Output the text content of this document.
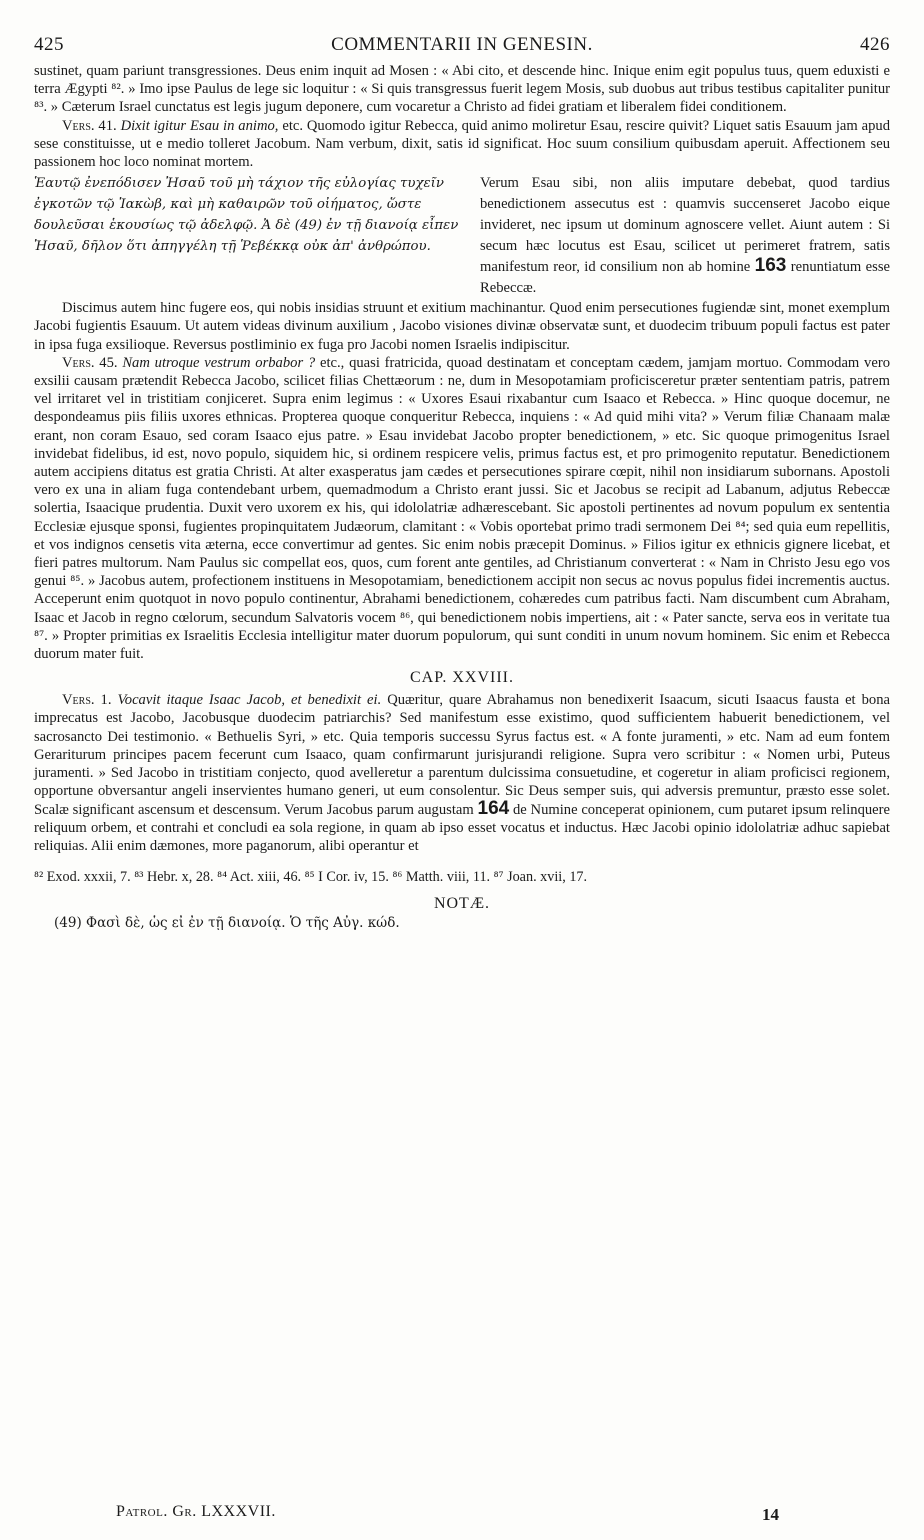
425	COMMENTARII IN GENESIN.	426

sustinet, quam pariunt transgressiones. Deus enim inquit ad Mosen : « Abi cito, et descende hinc. Inique enim egit populus tuus, quem eduxisti e terra Ægypti ⁸². » Imo ipse Paulus de lege sic loquitur : « Si quis transgressus fuerit legem Mosis, sub duobus aut tribus testibus capitaliter punitur ⁸³. » Cæterum Israel cunctatus est legis jugum deponere, cum vocaretur a Christo ad fidei gratiam et liberalem fidei conditionem.

Vers. 41. Dixit igitur Esau in animo, etc. Quomodo igitur Rebecca, quid animo moliretur Esau, rescire quivit? Liquet satis Esauum jam apud sese constituisse, ut e medio tolleret Jacobum. Nam verbum, dixit, satis id significat. Hoc suum consilium quibusdam aperuit. Affectionem seu passionem hoc loco nominat mortem.

Ἑαυτῷ ἐνεπόδισεν Ἠσαῦ τοῦ μὴ τάχιον τῆς εὐλογίας τυχεῖν ἐγκοτῶν τῷ Ἰακὼβ, καὶ μὴ καθαιρῶν τοῦ οἰήματος, ὥστε δουλεῦσαι ἑκουσίως τῷ ἀδελφῷ. Ἀ δὲ (49) ἐν τῇ διανοίᾳ εἶπεν Ἠσαῦ, δῆλον ὅτι ἀπηγγέλη τῇ Ῥεβέκκᾳ οὐκ ἀπ' ἀνθρώπου.
Verum Esau sibi, non aliis imputare debebat, quod tardius benedictionem assecutus est : quamvis succenseret Jacobo eique invideret, nec ipsum ut dominum agnoscere vellet. Aiunt autem : Si secum hæc locutus est Esau, scilicet ut perimeret fratrem, satis manifestum reor, id consilium non ab homine 163 renuntiatum esse Rebeccæ.

Discimus autem hinc fugere eos, qui nobis insidias struunt et exitium machinantur. Quod enim persecutiones fugiendæ sint, monet exemplum Jacobi fugientis Esauum. Ut autem videas divinum auxilium , Jacobo visiones divinæ observatæ sunt, et duodecim tribuum populi factus est pater in ipsa fuga exsilioque. Reversus postliminio ex fuga pro Jacobi nomen Israelis indipiscitur.

Vers. 45. Nam utroque vestrum orbabor ? etc., quasi fratricida, quoad destinatam et conceptam cædem, jamjam mortuo. Commodam vero exsilii causam prætendit Rebecca Jacobo, scilicet filias Chettæorum : ne, dum in Mesopotamiam proficisceretur præter sententiam patris, patrem vel irritaret vel in tristitiam conjiceret. Supra enim legimus : « Uxores Esaui rixabantur cum Isaaco et Rebecca. » Hinc quoque docemur, ne despondeamus piis filiis uxores ethnicas. Propterea quoque conqueritur Rebecca, inquiens : « Ad quid mihi vita? » Verum filiæ Chanaam malæ erant, non coram Esauo, sed coram Isaaco ejus patre. » Esau invidebat Jacobo propter benedictionem, » etc. Sic quoque primogenitus Israel invidebat fidelibus, id est, novo populo, siquidem hic, si ordinem respicere velis, primus factus est, et pro primogenito reputatur. Benedictionem autem accipiens ditatus est gratia Christi. At alter exasperatus jam cædes et persecutiones spirare cœpit, nihil non insidiarum subornans. Apostoli vero ex una in aliam fuga contendebant urbem, quemadmodum a Christo erant jussi. Sic et Jacobus se recipit ad Labanum, adjutus Rebeccæ solertia, Isaacique prudentia. Duxit vero uxorem ex his, qui idololatriæ adhærescebant. Sic apostoli pertinentes ad novum populum ex sententia Ecclesiæ ejusque sponsi, fugientes propinquitatem Judæorum, clamitant : « Vobis oportebat primo tradi sermonem Dei ⁸⁴; sed quia eum repellitis, et vos indignos censetis vita æterna, ecce convertimur ad gentes. Sic enim nobis præcepit Dominus. » Filios igitur ex ethnicis gignere licebat, et fieri patres multorum. Nam Paulus sic compellat eos, quos, cum forent ante gentiles, ad Christianum converterat : « Nam in Christo Jesu ego vos genui ⁸⁵. » Jacobus autem, profectionem instituens in Mesopotamiam, benedictionem accipit non secus ac novus populus fidei incrementis auctus. Acceperunt enim quotquot in novo populo continentur, Abrahami benedictionem, cohæredes cum patribus facti. Nam discumbent cum Abraham, Isaac et Jacob in regno cœlorum, secundum Salvatoris vocem ⁸⁶, qui benedictionem nobis impertiens, ait : « Pater sancte, serva eos in veritate tua ⁸⁷. » Propter primitias ex Israelitis Ecclesia intelligitur mater duorum populorum, qui sunt conditi in unum novum hominem. Sic enim et Rebecca duorum mater fuit.

CAP. XXVIII.

Vers. 1. Vocavit itaque Isaac Jacob, et benedixit ei. Quæritur, quare Abrahamus non benedixerit Isaacum, sicuti Isaacus fausta et bona imprecatus est Jacobo, Jacobusque duodecim patriarchis? Sed manifestum esse existimo, quod sufficientem habuerit benedictionem, vel sacrosancto Dei testimonio. « Bethuelis Syri, » etc. Quia temporis successu Syrus factus est. « A fonte juramenti, » etc. Nam ad eum fontem Gerariturum principes pacem fecerunt cum Isaaco, quam confirmarunt jurisjurandi religione. Supra vero scribitur : « Nomen urbi, Puteus juramenti. » Sed Jacobo in tristitiam conjecto, quod avelleretur a parentum dulcissima consuetudine, et cogeretur in aliam proficisci regionem, opportune obversantur angeli inservientes humano generi, ut eum consolentur. Sic Deus semper suis, qui adversis premuntur, præsto esse solet. Scalæ significant ascensum et descensum. Verum Jacobus parum augustam 164 de Numine conceperat opinionem, cum putaret ipsum relinquere reliquum orbem, et contrahi et concludi ea sola regione, in quam ab ipso esset vocatus et inductus. Hæc Jacobi opinio idololatriæ adhuc sapiebat reliquias. Alii enim dæmones, more paganorum, alibi operantur et

⁸² Exod. xxxii, 7. ⁸³ Hebr. x, 28. ⁸⁴ Act. xiii, 46. ⁸⁵ I Cor. iv, 15. ⁸⁶ Matth. viii, 11. ⁸⁷ Joan. xvii, 17.
NOTÆ.
(49) Φασὶ δὲ, ὡς εἰ ἐν τῇ διανοίᾳ. Ὁ τῆς Αὐγ. κώδ.
Patrol. Gr. LXXXVII.	14
